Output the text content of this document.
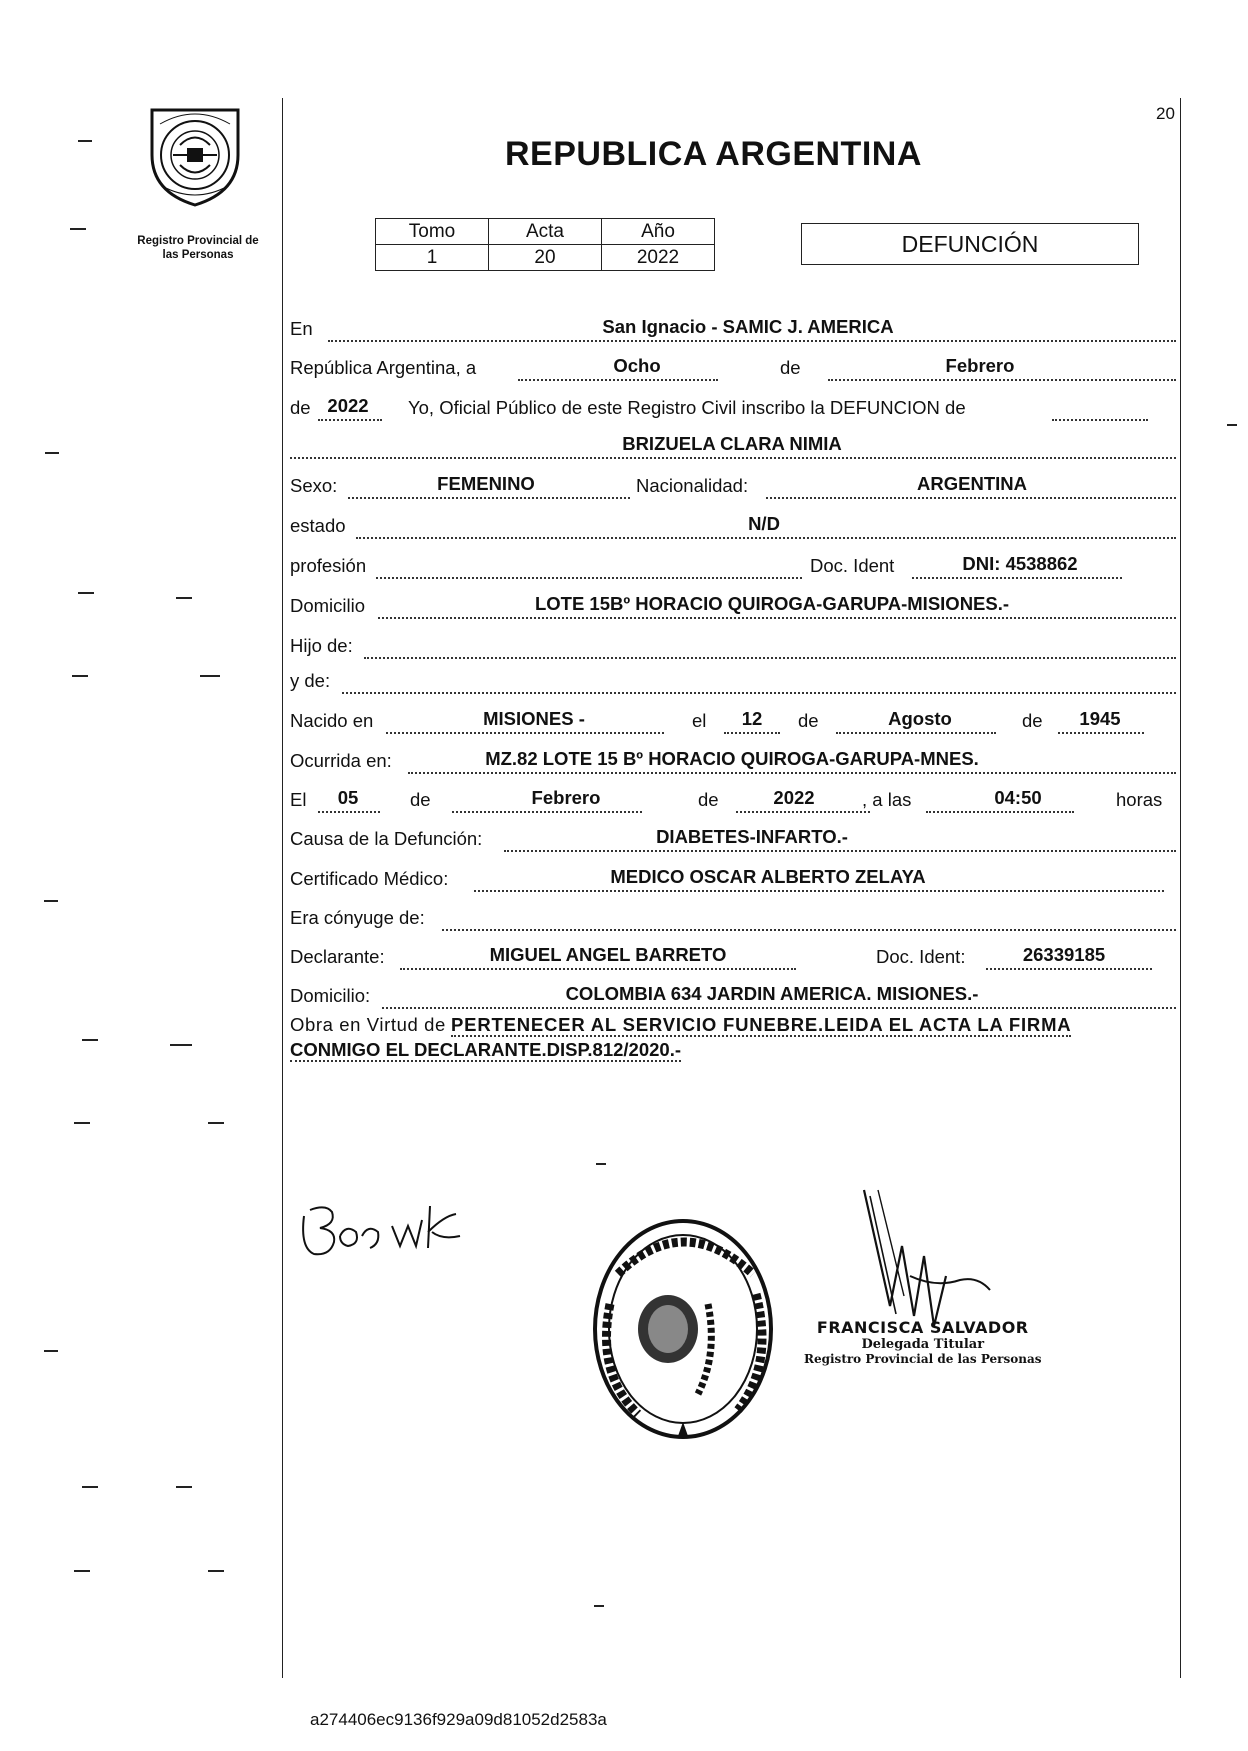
Registro Provincial de
las Personas
20
REPUBLICA ARGENTINA
Tomo	Acta	Año
1	20	2022	DEFUNCIÓN
En	San Ignacio - SAMIC J. AMERICA
República Argentina, a	Ocho	de	Febrero
de 2022 Yo, Oficial Público de este Registro Civil inscribo la DEFUNCION de
BRIZUELA CLARA NIMIA
Sexo:	FEMENINO	Nacionalidad:	ARGENTINA
estado	N/D
profesión	Doc. Ident	DNI: 4538862
Domicilio	LOTE 15Bº HORACIO QUIROGA-GARUPA-MISIONES.-
Hijo de:
y de:
Nacido en	MISIONES -	el 12 de	Agosto	de 1945
Ocurrida en:	MZ.82 LOTE 15 Bº HORACIO QUIROGA-GARUPA-MNES.
El 05	de	Febrero	de	2022	, a las	04:50	horas
Causa de la Defunción:	DIABETES-INFARTO.-
Certificado Médico:	MEDICO OSCAR ALBERTO ZELAYA
Era cónyuge de:
Declarante:	MIGUEL ANGEL BARRETO	Doc. Ident:	26339185
Domicilio:	COLOMBIA 634 JARDIN AMERICA. MISIONES.-
Obra en Virtud de PERTENECER AL SERVICIO FUNEBRE.LEIDA EL ACTA LA FIRMA
CONMIGO EL DECLARANTE.DISP.812/2020.-
FRANCISCA SALVADOR
Delegada Titular
Registro Provincial de las Personas
a274406ec9136f929a09d81052d2583a
